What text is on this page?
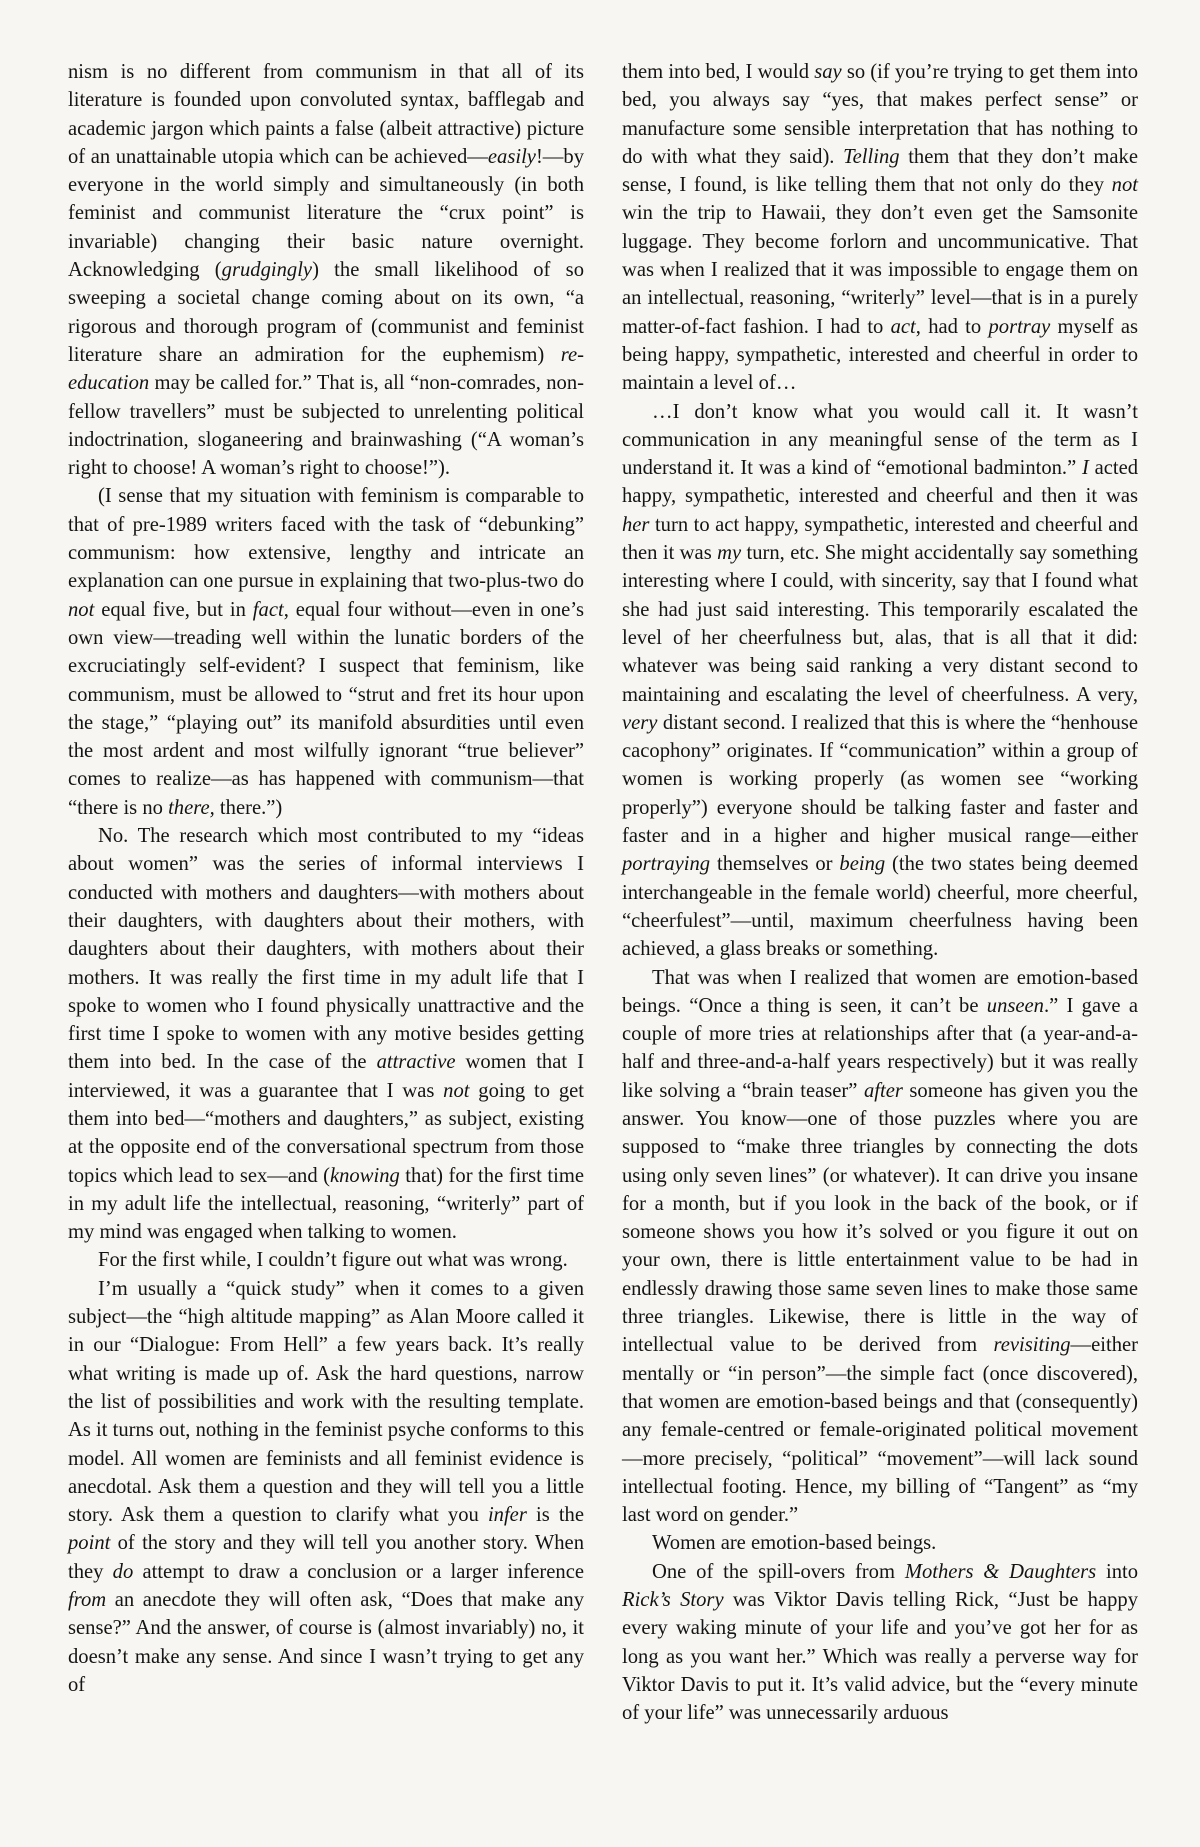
nism is no different from communism in that all of its literature is founded upon convoluted syntax, bafflegab and academic jargon which paints a false (albeit attractive) picture of an unattainable utopia which can be achieved—easily!—by everyone in the world simply and simultaneously (in both feminist and communist literature the “crux point” is invariable) changing their basic nature overnight. Acknowledging (grudgingly) the small likelihood of so sweeping a societal change coming about on its own, “a rigorous and thorough program of (communist and feminist literature share an admiration for the euphemism) re-education may be called for.” That is, all “non-comrades, non-fellow travellers” must be subjected to unrelenting political indoctrination, sloganeering and brainwashing (“A woman’s right to choose! A woman’s right to choose!”).

(I sense that my situation with feminism is comparable to that of pre-1989 writers faced with the task of “debunking” communism: how extensive, lengthy and intricate an explanation can one pursue in explaining that two-plus-two do not equal five, but in fact, equal four without—even in one’s own view—treading well within the lunatic borders of the excruciatingly self-evident? I suspect that feminism, like communism, must be allowed to “strut and fret its hour upon the stage,” “playing out” its manifold absurdities until even the most ardent and most wilfully ignorant “true believer” comes to realize—as has happened with communism—that “there is no there, there.”)

No. The research which most contributed to my “ideas about women” was the series of informal interviews I conducted with mothers and daughters—with mothers about their daughters, with daughters about their mothers, with daughters about their daughters, with mothers about their mothers. It was really the first time in my adult life that I spoke to women who I found physically unattractive and the first time I spoke to women with any motive besides getting them into bed. In the case of the attractive women that I interviewed, it was a guarantee that I was not going to get them into bed—“mothers and daughters,” as subject, existing at the opposite end of the conversational spectrum from those topics which lead to sex—and (knowing that) for the first time in my adult life the intellectual, reasoning, “writerly” part of my mind was engaged when talking to women.

For the first while, I couldn’t figure out what was wrong.

I’m usually a “quick study” when it comes to a given subject—the “high altitude mapping” as Alan Moore called it in our “Dialogue: From Hell” a few years back. It’s really what writing is made up of. Ask the hard questions, narrow the list of possibilities and work with the resulting template. As it turns out, nothing in the feminist psyche conforms to this model. All women are feminists and all feminist evidence is anecdotal. Ask them a question and they will tell you a little story. Ask them a question to clarify what you infer is the point of the story and they will tell you another story. When they do attempt to draw a conclusion or a larger inference from an anecdote they will often ask, “Does that make any sense?” And the answer, of course is (almost invariably) no, it doesn’t make any sense. And since I wasn’t trying to get any of

them into bed, I would say so (if you’re trying to get them into bed, you always say “yes, that makes perfect sense” or manufacture some sensible interpretation that has nothing to do with what they said). Telling them that they don’t make sense, I found, is like telling them that not only do they not win the trip to Hawaii, they don’t even get the Samsonite luggage. They become forlorn and uncommunicative. That was when I realized that it was impossible to engage them on an intellectual, reasoning, “writerly” level—that is in a purely matter-of-fact fashion. I had to act, had to portray myself as being happy, sympathetic, interested and cheerful in order to maintain a level of…

…I don’t know what you would call it. It wasn’t communication in any meaningful sense of the term as I understand it. It was a kind of “emotional badminton.” I acted happy, sympathetic, interested and cheerful and then it was her turn to act happy, sympathetic, interested and cheerful and then it was my turn, etc. She might accidentally say something interesting where I could, with sincerity, say that I found what she had just said interesting. This temporarily escalated the level of her cheerfulness but, alas, that is all that it did: whatever was being said ranking a very distant second to maintaining and escalating the level of cheerfulness. A very, very distant second. I realized that this is where the “henhouse cacophony” originates. If “communication” within a group of women is working properly (as women see “working properly”) everyone should be talking faster and faster and faster and in a higher and higher musical range—either portraying themselves or being (the two states being deemed interchangeable in the female world) cheerful, more cheerful, “cheerfulest”—until, maximum cheerfulness having been achieved, a glass breaks or something.

That was when I realized that women are emotion-based beings. “Once a thing is seen, it can’t be unseen.” I gave a couple of more tries at relationships after that (a year-and-a-half and three-and-a-half years respectively) but it was really like solving a “brain teaser” after someone has given you the answer. You know—one of those puzzles where you are supposed to “make three triangles by connecting the dots using only seven lines” (or whatever). It can drive you insane for a month, but if you look in the back of the book, or if someone shows you how it’s solved or you figure it out on your own, there is little entertainment value to be had in endlessly drawing those same seven lines to make those same three triangles. Likewise, there is little in the way of intellectual value to be derived from revisiting—either mentally or “in person”—the simple fact (once discovered), that women are emotion-based beings and that (consequently) any female-centred or female-originated political movement—more precisely, “political” “movement”—will lack sound intellectual footing. Hence, my billing of “Tangent” as “my last word on gender.”

Women are emotion-based beings.

One of the spill-overs from Mothers & Daughters into Rick’s Story was Viktor Davis telling Rick, “Just be happy every waking minute of your life and you’ve got her for as long as you want her.” Which was really a perverse way for Viktor Davis to put it. It’s valid advice, but the “every minute of your life” was unnecessarily arduous
